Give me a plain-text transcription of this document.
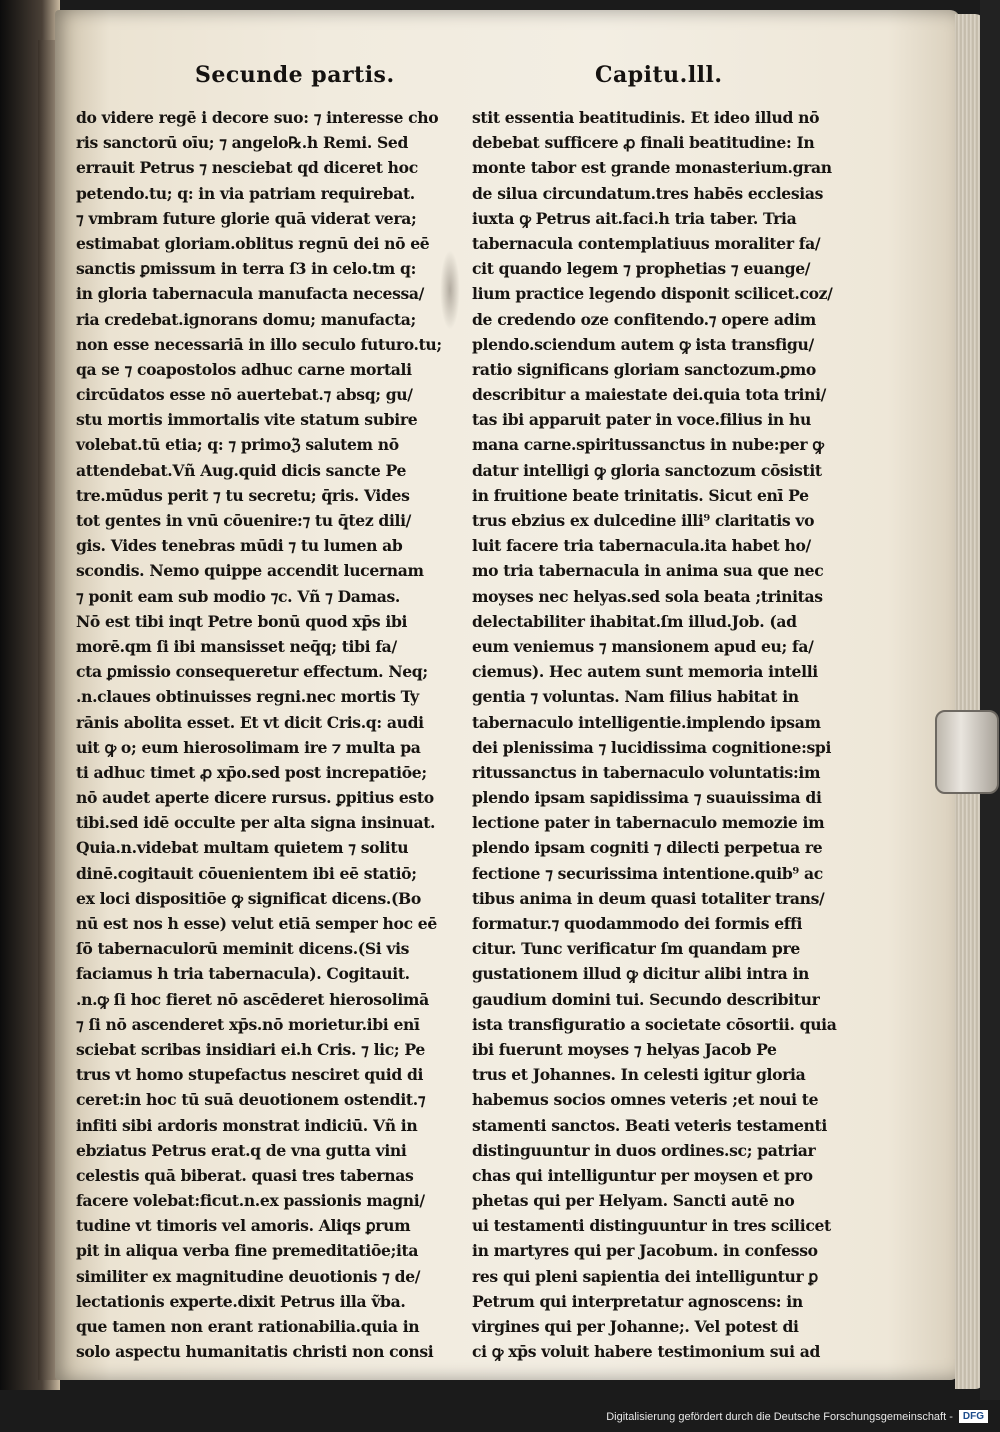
Secunde partis.	Capitu.lll.
do videre regē i decore suo: ⁊ interesse cho
ris sanctorū oīu; ⁊ angelo℞.h Remi. Sed
errauit Petrus ⁊ nesciebat qd diceret hoc
petendo.tu; q: in via patriam requirebat.
⁊ vmbram future glorie quā viderat vera;
estimabat gloriam.oblitus regnū dei nō eē
sanctis ꝑmissum in terra ſ3 in celo.tm q:
in gloria tabernacula manufacta necessa/
ria credebat.ignorans domu; manufacta;
non esse necessariā in illo seculo futuro.tu;
qa se ⁊ coapostolos adhuc carne mortali
circūdatos esse nō auertebat.⁊ absq; gu/
stu mortis immortalis vite statum subire
volebat.tū etia; q: ⁊ primoℨ salutem nō
attendebat.Vñ Aug.quid dicis sancte Pe
tre.mūdus perit ⁊ tu secretu; q̄ris. Vides
tot gentes in vnū cōuenire:⁊ tu q̄tez dili/
gis. Vides tenebras mūdi ⁊ tu lumen ab
scondis. Nemo quippe accendit lucernam
⁊ ponit eam sub modio ⁊c. Vñ ⁊ Damas.
Nō est tibi inqt Petre bonū quod xp̄s ibi
morē.qm ſi ibi mansisset neq̄q; tibi fa/
cta ꝑmissio consequeretur effectum. Neq;
.n.claues obtinuisses regni.nec mortis Ty
rānis abolita esset. Et vt dicit Cris.q: audi
uit ꝙ o; eum hierosolimam ire ⁊ multa pa
ti adhuc timet ꝓ xp̄o.sed post increpatiōe;
nō audet aperte dicere rursus. ꝑpitius esto
tibi.sed idē occulte per alta signa insinuat.
Quia.n.videbat multam quietem ⁊ solitu
dinē.cogitauit cōuenientem ibi eē statiō;
ex loci dispositiōe ꝙ significat dicens.(Bo
nū est nos h esse) velut etiā semper hoc eē
ſō tabernaculorū meminit dicens.(Si vis
faciamus h tria tabernacula). Cogitauit.
.n.ꝙ ſi hoc fieret nō ascēderet hierosolimā
⁊ ſi nō ascenderet xp̄s.nō morietur.ibi enī
sciebat scribas insidiari ei.h Cris. ⁊ lic; Pe
trus vt homo stupefactus nesciret quid di
ceret:in hoc tū suā deuotionem ostendit.⁊
infiti sibi ardoris monstrat indiciū. Vñ in
ebziatus Petrus erat.q de vna gutta vini
celestis quā biberat. quasi tres tabernas
facere volebat:ficut.n.ex passionis magni/
tudine vt timoris vel amoris. Aliqs ꝑrum
pit in aliqua verba fine premeditatiōe;ita
similiter ex magnitudine deuotionis ⁊ de/
lectationis experte.dixit Petrus illa ṽba.
que tamen non erant rationabilia.quia in
solo aspectu humanitatis christi non consi
stit essentia beatitudinis. Et ideo illud nō
debebat sufficere ꝓ finali beatitudine: In
monte tabor est grande monasterium.gran
de silua circundatum.tres habēs ecclesias
iuxta ꝙ Petrus ait.faci.h tria taber. Tria
tabernacula contemplatiuus moraliter fa/
cit quando legem ⁊ prophetias ⁊ euange/
lium practice legendo disponit scilicet.coz/
de credendo oze confitendo.⁊ opere adim
plendo.sciendum autem ꝙ ista transfigu/
ratio significans gloriam sanctozum.ꝑmo
describitur a maiestate dei.quia tota trini/
tas ibi apparuit pater in voce.filius in hu
mana carne.spiritussanctus in nube:per ꝙ
datur intelligi ꝙ gloria sanctozum cōsistit
in fruitione beate trinitatis. Sicut enī Pe
trus ebzius ex dulcedine illi⁹ claritatis vo
luit facere tria tabernacula.ita habet ho/
mo tria tabernacula in anima sua que nec
moyses nec helyas.sed sola beata ;trinitas
delectabiliter ihabitat.ſm illud.Job. (ad
eum veniemus ⁊ mansionem apud eu; fa/
ciemus). Hec autem sunt memoria intelli
gentia ⁊ voluntas. Nam filius habitat in
tabernaculo intelligentie.implendo ipsam
dei plenissima ⁊ lucidissima cognitione:spi
ritussanctus in tabernaculo voluntatis:im
plendo ipsam sapidissima ⁊ suauissima di
lectione pater in tabernaculo memozie im
plendo ipsam cogniti ⁊ dilecti perpetua re
fectione ⁊ securissima intentione.quib⁹ ac
tibus anima in deum quasi totaliter trans/
formatur.⁊ quodammodo dei formis effi
citur. Tunc verificatur ſm quandam pre
gustationem illud ꝙ dicitur alibi intra in
gaudium domini tui. Secundo describitur
ista transfiguratio a societate cōsortii. quia
ibi fuerunt moyses ⁊ helyas Jacob Pe
trus et Johannes. In celesti igitur gloria
habemus socios omnes veteris ;et noui te
stamenti sanctos. Beati veteris testamenti
distinguuntur in duos ordines.sc; patriar
chas qui intelliguntur per moysen et pro
phetas qui per Helyam. Sancti autē no
ui testamenti distinguuntur in tres scilicet
in martyres qui per Jacobum. in confesso
res qui pleni sapientia dei intelliguntur ꝑ
Petrum qui interpretatur agnoscens: in
virgines qui per Johanne;. Vel potest di
ci ꝙ xp̄s voluit habere testimonium sui ad
Digitalisierung gefördert durch die Deutsche Forschungsgemeinschaft -	DFG
